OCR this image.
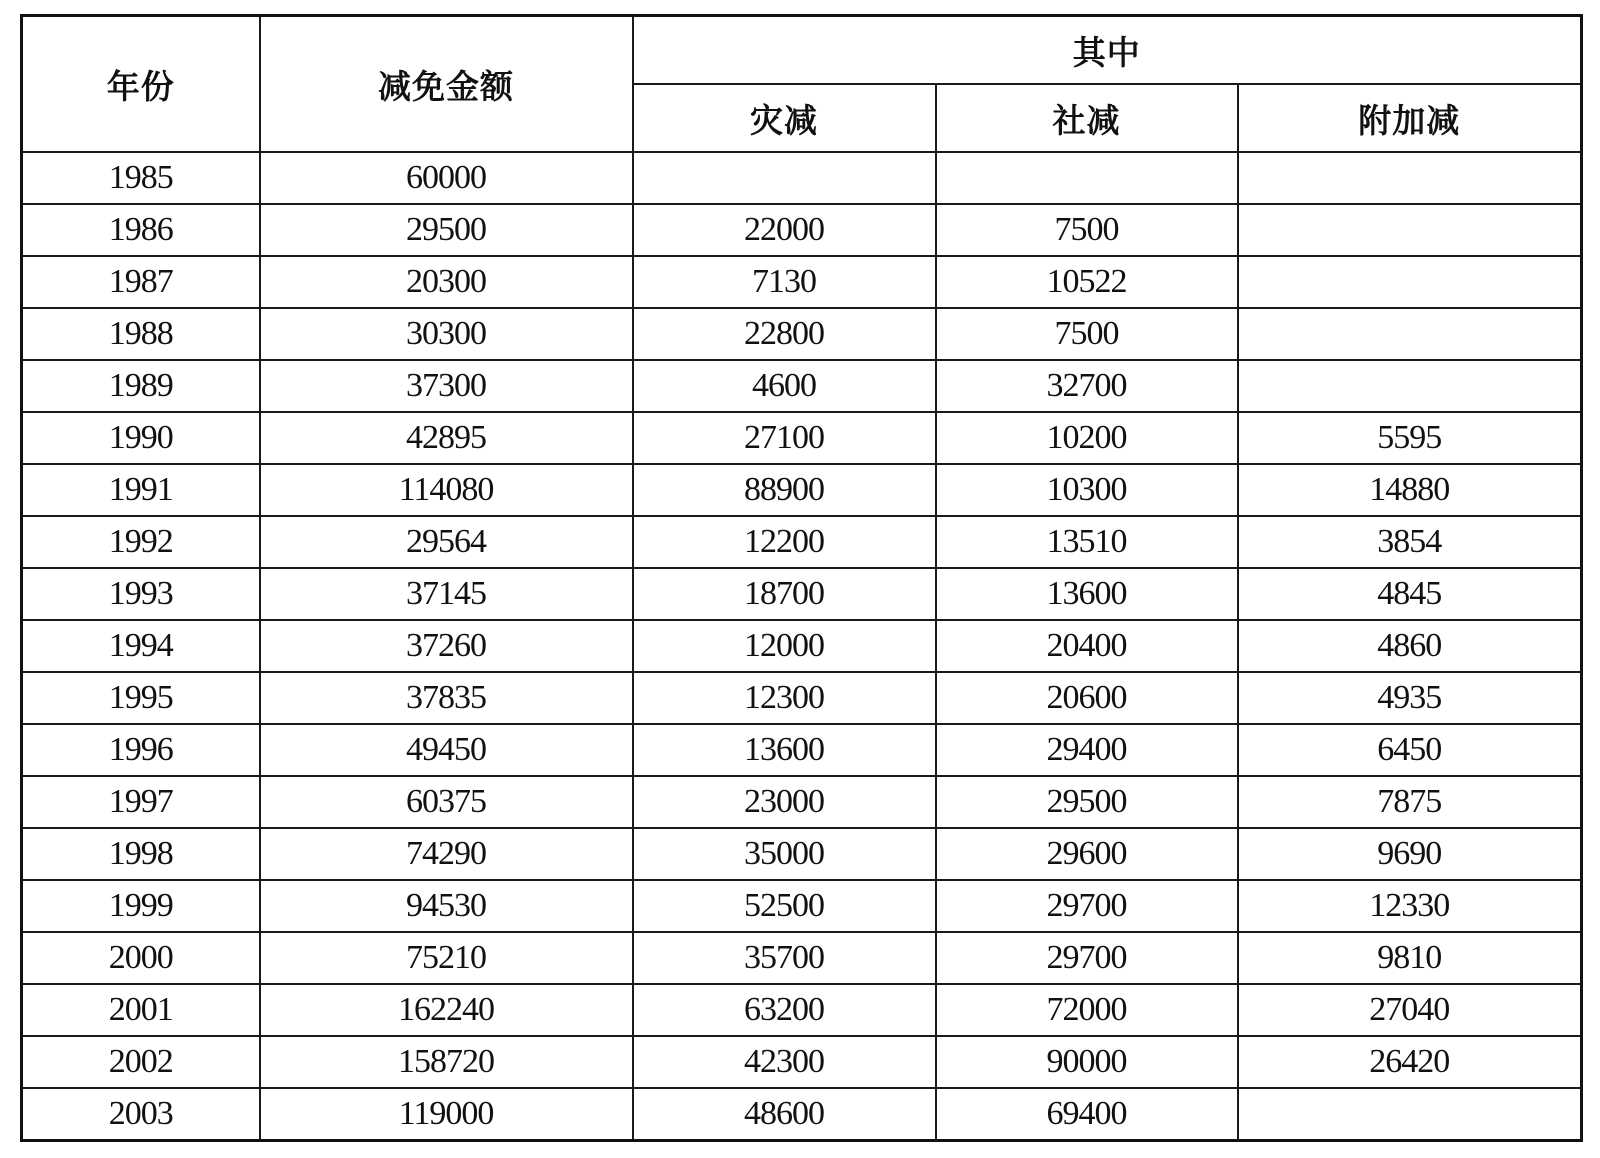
年份	减免金额	其中		
		灾减	社减	附加减
1985	60000			
1986	29500	22000	7500	
1987	20300	7130	10522	
1988	30300	22800	7500	
1989	37300	4600	32700	
1990	42895	27100	10200	5595
1991	114080	88900	10300	14880
1992	29564	12200	13510	3854
1993	37145	18700	13600	4845
1994	37260	12000	20400	4860
1995	37835	12300	20600	4935
1996	49450	13600	29400	6450
1997	60375	23000	29500	7875
1998	74290	35000	29600	9690
1999	94530	52500	29700	12330
2000	75210	35700	29700	9810
2001	162240	63200	72000	27040
2002	158720	42300	90000	26420
2003	119000	48600	69400	
